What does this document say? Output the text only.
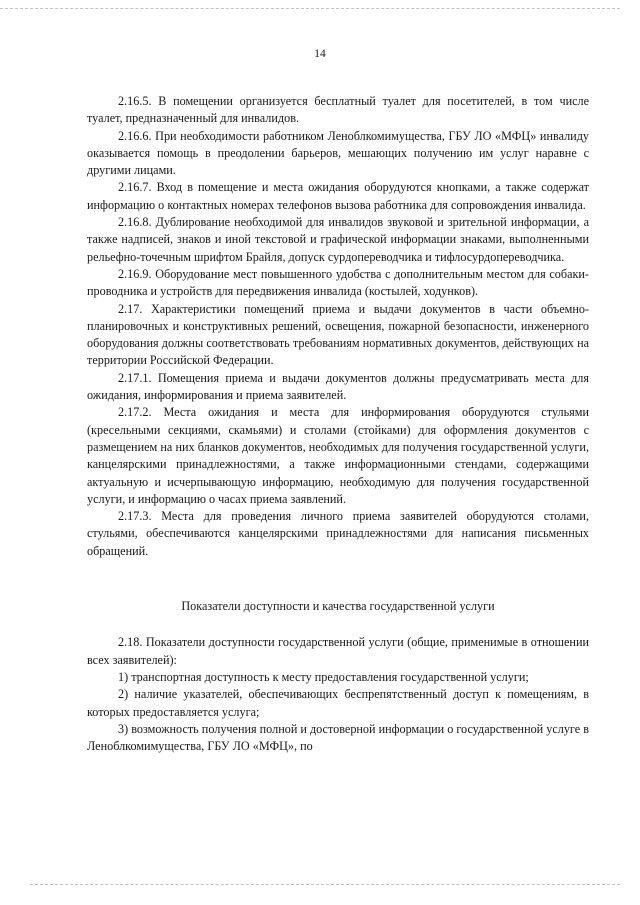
14

2.16.5. В помещении организуется бесплатный туалет для посетителей, в том числе туалет, предназначенный для инвалидов.

2.16.6. При необходимости работником Леноблкомимущества, ГБУ ЛО «МФЦ» инвалиду оказывается помощь в преодолении барьеров, мешающих получению им услуг наравне с другими лицами.

2.16.7. Вход в помещение и места ожидания оборудуются кнопками, а также содержат информацию о контактных номерах телефонов вызова работника для сопровождения инвалида.

2.16.8. Дублирование необходимой для инвалидов звуковой и зрительной информации, а также надписей, знаков и иной текстовой и графической информации знаками, выполненными рельефно-точечным шрифтом Брайля, допуск сурдопереводчика и тифлосурдопереводчика.

2.16.9. Оборудование мест повышенного удобства с дополнительным местом для собаки-проводника и устройств для передвижения инвалида (костылей, ходунков).

2.17. Характеристики помещений приема и выдачи документов в части объемно-планировочных и конструктивных решений, освещения, пожарной безопасности, инженерного оборудования должны соответствовать требованиям нормативных документов, действующих на территории Российской Федерации.

2.17.1. Помещения приема и выдачи документов должны предусматривать места для ожидания, информирования и приема заявителей.

2.17.2. Места ожидания и места для информирования оборудуются стульями (кресельными секциями, скамьями) и столами (стойками) для оформления документов с размещением на них бланков документов, необходимых для получения государственной услуги, канцелярскими принадлежностями, а также информационными стендами, содержащими актуальную и исчерпывающую информацию, необходимую для получения государственной услуги, и информацию о часах приема заявлений.

2.17.3. Места для проведения личного приема заявителей оборудуются столами, стульями, обеспечиваются канцелярскими принадлежностями для написания письменных обращений.

Показатели доступности и качества государственной услуги

2.18. Показатели доступности государственной услуги (общие, применимые в отношении всех заявителей):

1) транспортная доступность к месту предоставления государственной услуги;

2) наличие указателей, обеспечивающих беспрепятственный доступ к помещениям, в которых предоставляется услуга;

3) возможность получения полной и достоверной информации о государственной услуге в Леноблкомимущества, ГБУ ЛО «МФЦ», по
